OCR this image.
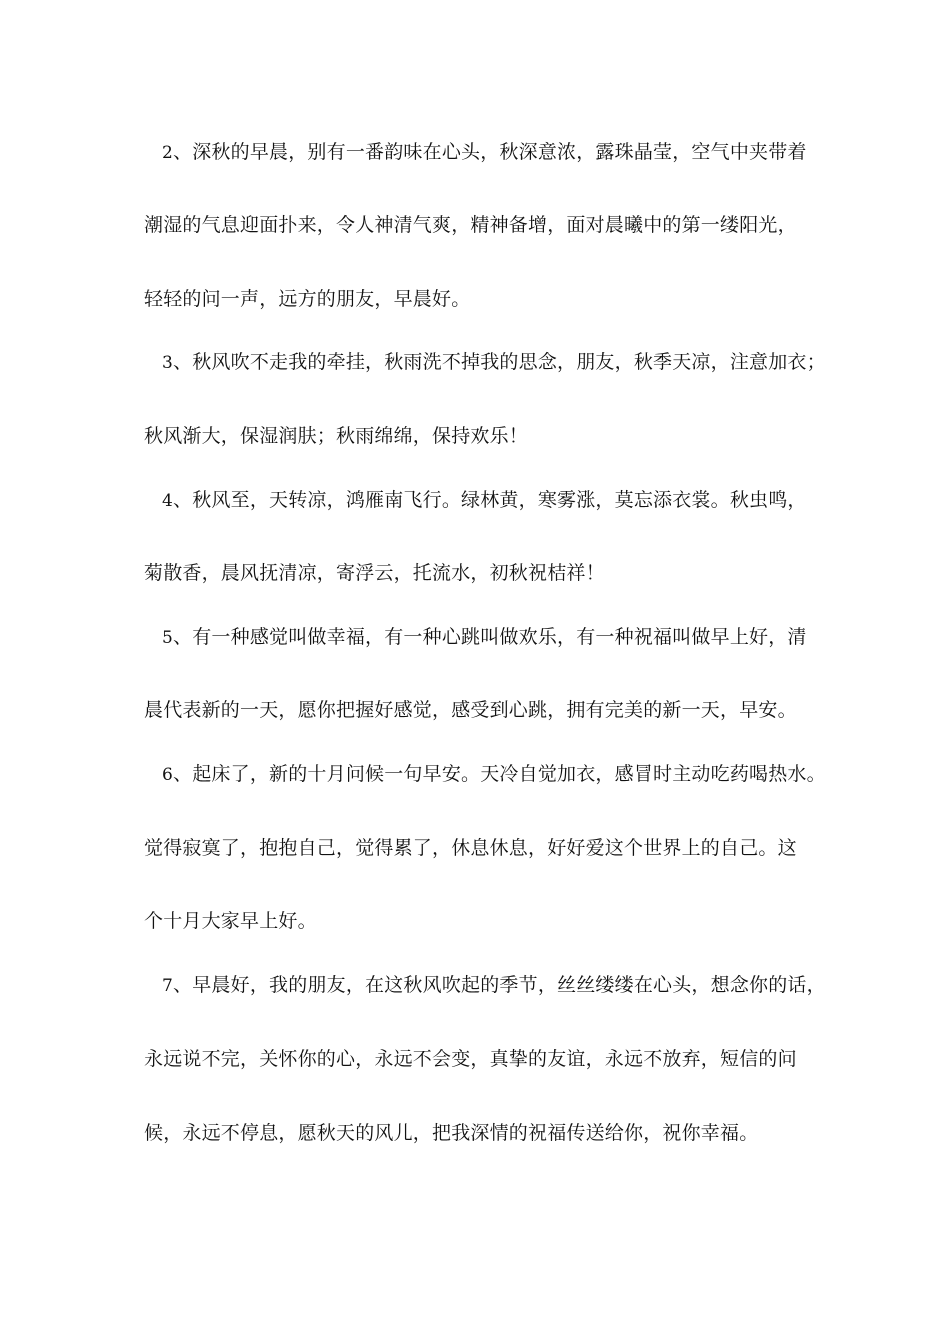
2、深秋的早晨，别有一番韵味在心头，秋深意浓，露珠晶莹，空气中夹带着
潮湿的气息迎面扑来，令人神清气爽，精神备增，面对晨曦中的第一缕阳光，
轻轻的问一声，远方的朋友，早晨好。
3、秋风吹不走我的牵挂，秋雨洗不掉我的思念，朋友，秋季天凉，注意加衣；
秋风渐大，保湿润肤；秋雨绵绵，保持欢乐！
4、秋风至，天转凉，鸿雁南飞行。绿林黄，寒雾涨，莫忘添衣裳。秋虫鸣，
菊散香，晨风抚清凉，寄浮云，托流水，初秋祝桔祥！
5、有一种感觉叫做幸福，有一种心跳叫做欢乐，有一种祝福叫做早上好，清
晨代表新的一天，愿你把握好感觉，感受到心跳，拥有完美的新一天，早安。
6、起床了，新的十月问候一句早安。天冷自觉加衣，感冒时主动吃药喝热水。
觉得寂寞了，抱抱自己，觉得累了，休息休息，好好爱这个世界上的自己。这
个十月大家早上好。
7、早晨好，我的朋友，在这秋风吹起的季节，丝丝缕缕在心头，想念你的话，
永远说不完，关怀你的心，永远不会变，真挚的友谊，永远不放弃，短信的问
候，永远不停息，愿秋天的风儿，把我深情的祝福传送给你，祝你幸福。
